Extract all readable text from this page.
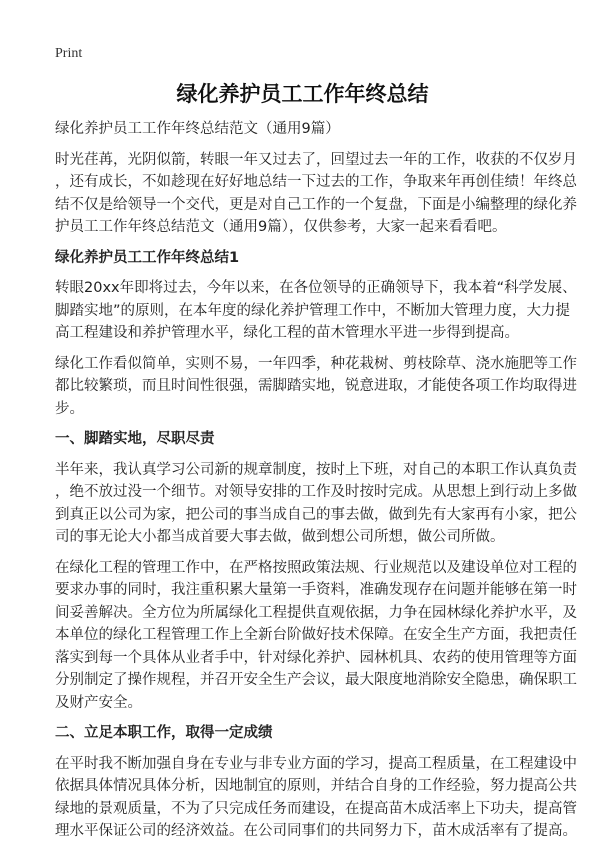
Print
绿化养护员工工作年终总结

绿化养护员工工作年终总结范文（通用9篇）

时光荏苒，光阴似箭，转眼一年又过去了，回望过去一年的工作，收获的不仅岁月
，还有成长，不如趁现在好好地总结一下过去的工作，争取来年再创佳绩！年终总
结不仅是给领导一个交代，更是对自己工作的一个复盘，下面是小编整理的绿化养
护员工工作年终总结范文（通用9篇），仅供参考，大家一起来看看吧。

绿化养护员工工作年终总结1

转眼20xx年即将过去，今年以来，在各位领导的正确领导下，我本着“科学发展、
脚踏实地”的原则，在本年度的绿化养护管理工作中，不断加大管理力度，大力提
高工程建设和养护管理水平，绿化工程的苗木管理水平进一步得到提高。

绿化工作看似简单，实则不易，一年四季，种花栽树、剪枝除草、浇水施肥等工作
都比较繁琐，而且时间性很强，需脚踏实地，锐意进取，才能使各项工作均取得进
步。

一、脚踏实地，尽职尽责

半年来，我认真学习公司新的规章制度，按时上下班，对自己的本职工作认真负责
，绝不放过没一个细节。对领导安排的工作及时按时完成。从思想上到行动上多做
到真正以公司为家，把公司的事当成自己的事去做，做到先有大家再有小家，把公
司的事无论大小都当成首要大事去做，做到想公司所想，做公司所做。

在绿化工程的管理工作中，在严格按照政策法规、行业规范以及建设单位对工程的
要求办事的同时，我注重积累大量第一手资料，准确发现存在问题并能够在第一时
间妥善解决。全方位为所属绿化工程提供直观依据，力争在园林绿化养护水平，及
本单位的绿化工程管理工作上全新台阶做好技术保障。在安全生产方面，我把责任
落实到每一个具体从业者手中，针对绿化养护、园林机具、农药的使用管理等方面
分别制定了操作规程，并召开安全生产会议，最大限度地消除安全隐患，确保职工
及财产安全。

二、立足本职工作，取得一定成绩

在平时我不断加强自身在专业与非专业方面的学习，提高工程质量，在工程建设中
依据具体情况具体分析，因地制宜的原则，并结合自身的工作经验，努力提高公共
绿地的景观质量，不为了只完成任务而建设，在提高苗木成活率上下功夫，提高管
理水平保证公司的经济效益。在公司同事们的共同努力下，苗木成活率有了提高。
